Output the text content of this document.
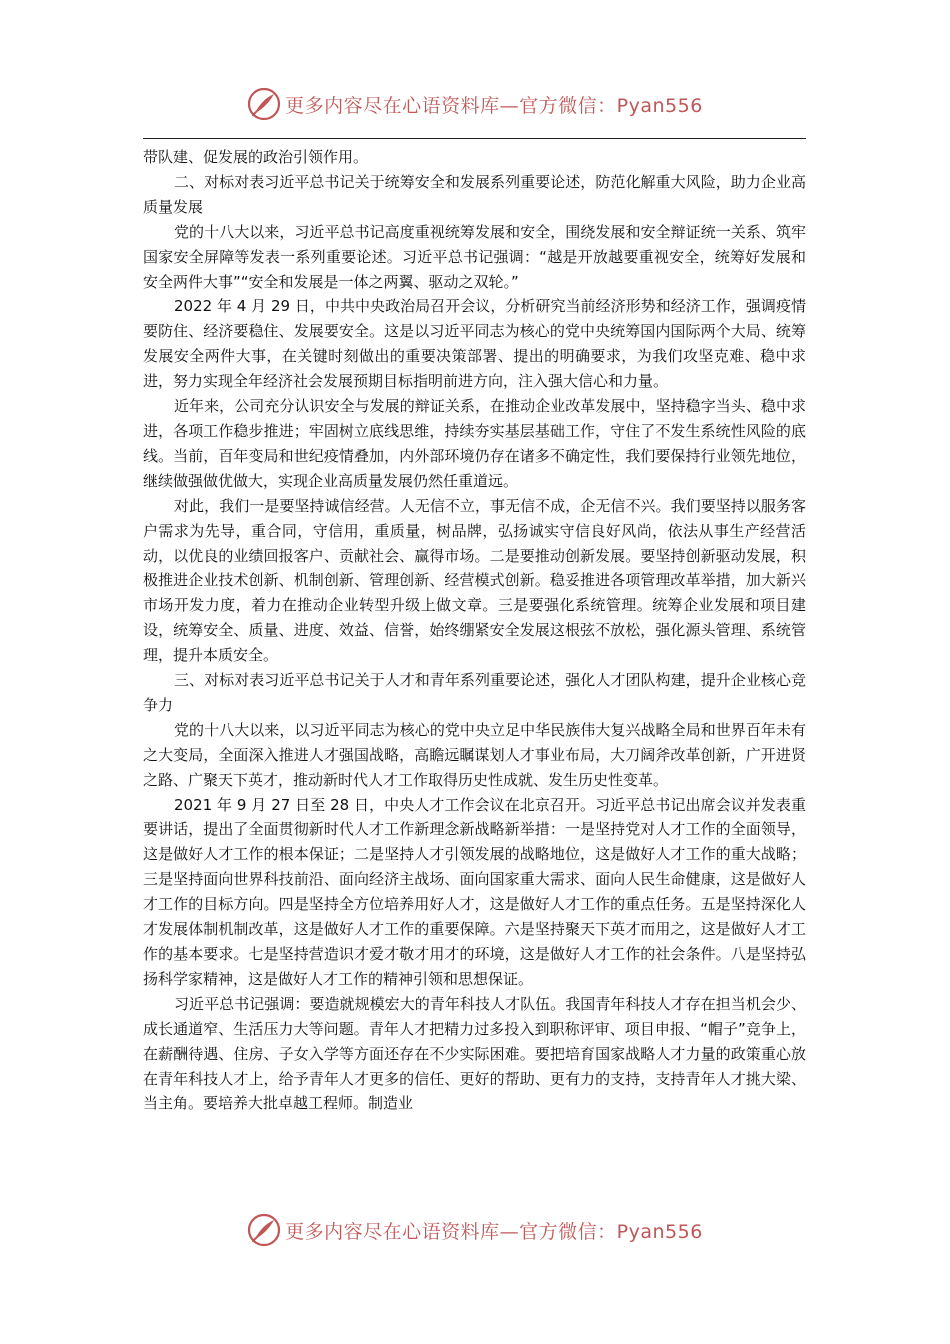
更多内容尽在心语资料库—官方微信：Pyan556

带队建、促发展的政治引领作用。

二、对标对表习近平总书记关于统筹安全和发展系列重要论述，防范化解重大风险，助力企业高质量发展

党的十八大以来，习近平总书记高度重视统筹发展和安全，围绕发展和安全辩证统一关系、筑牢国家安全屏障等发表一系列重要论述。习近平总书记强调：“越是开放越要重视安全，统筹好发展和安全两件大事”“安全和发展是一体之两翼、驱动之双轮。”

2022 年 4 月 29 日，中共中央政治局召开会议，分析研究当前经济形势和经济工作，强调疫情要防住、经济要稳住、发展要安全。这是以习近平同志为核心的党中央统筹国内国际两个大局、统筹发展安全两件大事，在关键时刻做出的重要决策部署、提出的明确要求，为我们攻坚克难、稳中求进，努力实现全年经济社会发展预期目标指明前进方向，注入强大信心和力量。

近年来，公司充分认识安全与发展的辩证关系，在推动企业改革发展中，坚持稳字当头、稳中求进，各项工作稳步推进；牢固树立底线思维，持续夯实基层基础工作，守住了不发生系统性风险的底线。当前，百年变局和世纪疫情叠加，内外部环境仍存在诸多不确定性，我们要保持行业领先地位，继续做强做优做大，实现企业高质量发展仍然任重道远。

对此，我们一是要坚持诚信经营。人无信不立，事无信不成，企无信不兴。我们要坚持以服务客户需求为先导，重合同，守信用，重质量，树品牌，弘扬诚实守信良好风尚，依法从事生产经营活动，以优良的业绩回报客户、贡献社会、赢得市场。二是要推动创新发展。要坚持创新驱动发展，积极推进企业技术创新、机制创新、管理创新、经营模式创新。稳妥推进各项管理改革举措，加大新兴市场开发力度，着力在推动企业转型升级上做文章。三是要强化系统管理。统筹企业发展和项目建设，统筹安全、质量、进度、效益、信誉，始终绷紧安全发展这根弦不放松，强化源头管理、系统管理，提升本质安全。

三、对标对表习近平总书记关于人才和青年系列重要论述，强化人才团队构建，提升企业核心竞争力

党的十八大以来，以习近平同志为核心的党中央立足中华民族伟大复兴战略全局和世界百年未有之大变局，全面深入推进人才强国战略，高瞻远瞩谋划人才事业布局，大刀阔斧改革创新，广开进贤之路、广聚天下英才，推动新时代人才工作取得历史性成就、发生历史性变革。

2021 年 9 月 27 日至 28 日，中央人才工作会议在北京召开。习近平总书记出席会议并发表重要讲话，提出了全面贯彻新时代人才工作新理念新战略新举措：一是坚持党对人才工作的全面领导，这是做好人才工作的根本保证；二是坚持人才引领发展的战略地位，这是做好人才工作的重大战略；三是坚持面向世界科技前沿、面向经济主战场、面向国家重大需求、面向人民生命健康，这是做好人才工作的目标方向。四是坚持全方位培养用好人才，这是做好人才工作的重点任务。五是坚持深化人才发展体制机制改革，这是做好人才工作的重要保障。六是坚持聚天下英才而用之，这是做好人才工作的基本要求。七是坚持营造识才爱才敬才用才的环境，这是做好人才工作的社会条件。八是坚持弘扬科学家精神，这是做好人才工作的精神引领和思想保证。

习近平总书记强调：要造就规模宏大的青年科技人才队伍。我国青年科技人才存在担当机会少、成长通道窄、生活压力大等问题。青年人才把精力过多投入到职称评审、项目申报、“帽子”竞争上，在薪酬待遇、住房、子女入学等方面还存在不少实际困难。要把培育国家战略人才力量的政策重心放在青年科技人才上，给予青年人才更多的信任、更好的帮助、更有力的支持，支持青年人才挑大梁、当主角。要培养大批卓越工程师。制造业

更多内容尽在心语资料库—官方微信：Pyan556
